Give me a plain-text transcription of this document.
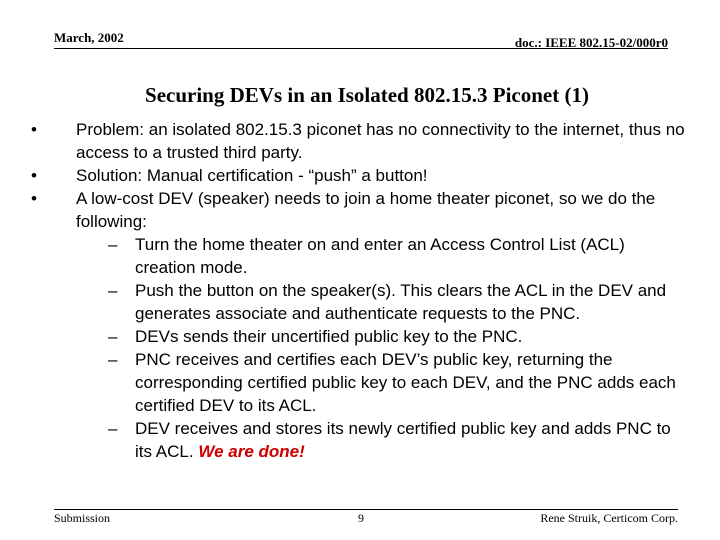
March, 2002	doc.: IEEE 802.15-02/000r0
Securing DEVs in an Isolated 802.15.3 Piconet (1)
• Problem: an isolated 802.15.3 piconet has no connectivity to the internet, thus no access to a trusted third party.
• Solution: Manual certification - “push” a button!
• A low-cost DEV (speaker) needs to join a home theater piconet, so we do the following:
– Turn the home theater on and enter an Access Control List (ACL) creation mode.
– Push the button on the speaker(s). This clears the ACL in the DEV and generates associate and authenticate requests to the PNC.
– DEVs sends their uncertified public key to the PNC.
– PNC receives and certifies each DEV’s public key, returning the corresponding certified public key to each DEV, and the PNC adds each certified DEV to its ACL.
– DEV receives and stores its newly certified public key and adds PNC to its ACL. We are done!
Submission	9	Rene Struik, Certicom Corp.
